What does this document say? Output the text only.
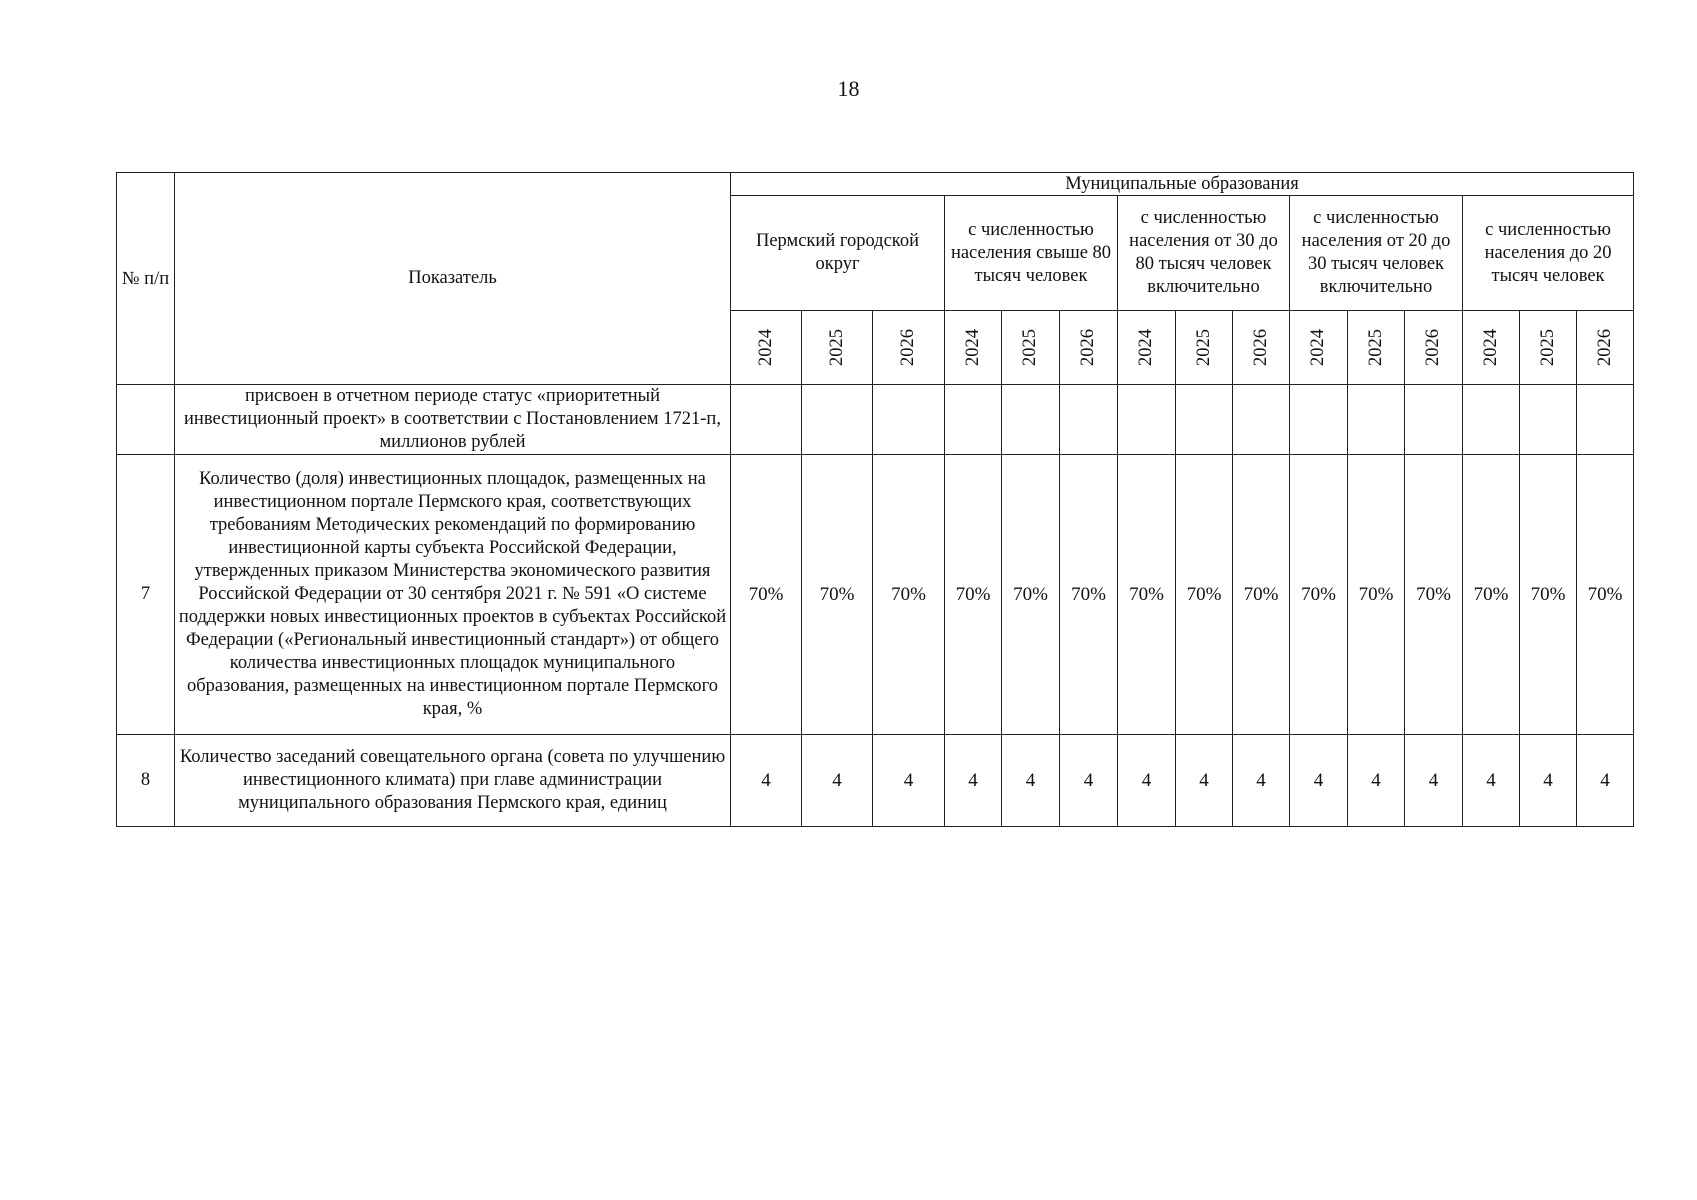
18
№ п/п	Показатель	Муниципальные образования														
		Пермский городской округ			с численностью населения свыше 80 тысяч человек			с численностью населения от 30 до 80 тысяч человек включительно			с численностью населения от 20 до 30 тысяч человек включительно			с численностью населения до 20 тысяч человек		
		2024	2025	2026	2024	2025	2026	2024	2025	2026	2024	2025	2026	2024	2025	2026
	присвоен в отчетном периоде статус «приоритетный инвестиционный проект» в соответствии с Постановлением 1721-п, миллионов рублей															
7	Количество (доля) инвестиционных площадок, размещенных на инвестиционном портале Пермского края, соответствующих требованиям Методических рекомендаций по формированию инвестиционной карты субъекта Российской Федерации, утвержденных приказом Министерства экономического развития Российской Федерации от 30 сентября 2021 г. № 591 «О системе поддержки новых инвестиционных проектов в субъектах Российской Федерации («Региональный инвестиционный стандарт») от общего количества инвестиционных площадок муниципального образования, размещенных на инвестиционном портале Пермского края, %	70%	70%	70%	70%	70%	70%	70%	70%	70%	70%	70%	70%	70%	70%	70%
8	Количество заседаний совещательного органа (совета по улучшению инвестиционного климата) при главе администрации муниципального образования Пермского края, единиц	4	4	4	4	4	4	4	4	4	4	4	4	4	4	4
